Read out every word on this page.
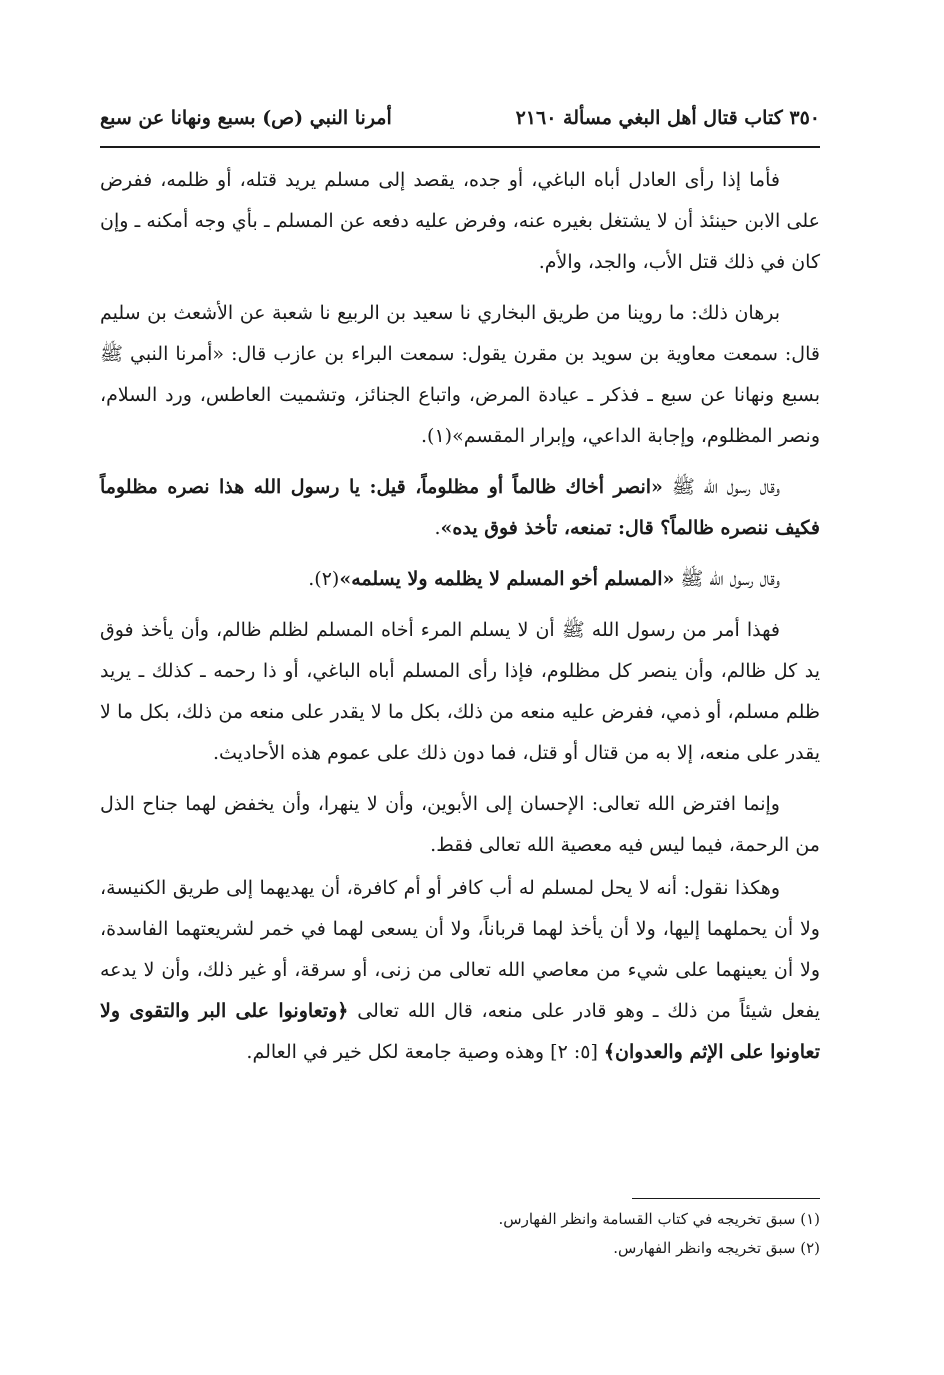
٣٥٠ كتاب قتال أهل البغي مسألة ٢١٦٠
أمرنا النبي (ص) بسبع ونهانا عن سبع

فأما إذا رأى العادل أباه الباغي، أو جده، يقصد إلى مسلم يريد قتله، أو ظلمه، ففرض على الابن حينئذ أن لا يشتغل بغيره عنه، وفرض عليه دفعه عن المسلم ـ بأي وجه أمكنه ـ وإن كان في ذلك قتل الأب، والجد، والأم.

برهان ذلك: ما روينا من طريق البخاري نا سعيد بن الربيع نا شعبة عن الأشعث بن سليم قال: سمعت معاوية بن سويد بن مقرن يقول: سمعت البراء بن عازب قال: «أمرنا النبي ﷺ بسبع ونهانا عن سبع ـ فذكر ـ عيادة المرض، واتباع الجنائز، وتشميت العاطس، ورد السلام، ونصر المظلوم، وإجابة الداعي، وإبرار المقسم»(١).

وقال رسول الله ﷺ «انصر أخاك ظالماً أو مظلوماً، قيل: يا رسول الله هذا نصره مظلوماً فكيف ننصره ظالماً؟ قال: تمنعه، تأخذ فوق يده».

وقال رسول الله ﷺ «المسلم أخو المسلم لا يظلمه ولا يسلمه»(٢).

فهذا أمر من رسول الله ﷺ أن لا يسلم المرء أخاه المسلم لظلم ظالم، وأن يأخذ فوق يد كل ظالم، وأن ينصر كل مظلوم، فإذا رأى المسلم أباه الباغي، أو ذا رحمه ـ كذلك ـ يريد ظلم مسلم، أو ذمي، ففرض عليه منعه من ذلك، بكل ما لا يقدر على منعه من ذلك، بكل ما لا يقدر على منعه، إلا به من قتال أو قتل، فما دون ذلك على عموم هذه الأحاديث.

وإنما افترض الله تعالى: الإحسان إلى الأبوين، وأن لا ينهرا، وأن يخفض لهما جناح الذل من الرحمة، فيما ليس فيه معصية الله تعالى فقط.

وهكذا نقول: أنه لا يحل لمسلم له أب كافر أو أم كافرة، أن يهديهما إلى طريق الكنيسة، ولا أن يحملهما إليها، ولا أن يأخذ لهما قرباناً، ولا أن يسعى لهما في خمر لشريعتهما الفاسدة، ولا أن يعينهما على شيء من معاصي الله تعالى من زنى، أو سرقة، أو غير ذلك، وأن لا يدعه يفعل شيئاً من ذلك ـ وهو قادر على منعه، قال الله تعالى ﴿وتعاونوا على البر والتقوى ولا تعاونوا على الإثم والعدوان﴾ [٥: ٢] وهذه وصية جامعة لكل خير في العالم.

(١) سبق تخريجه في كتاب القسامة وانظر الفهارس.
(٢) سبق تخريجه وانظر الفهارس.
